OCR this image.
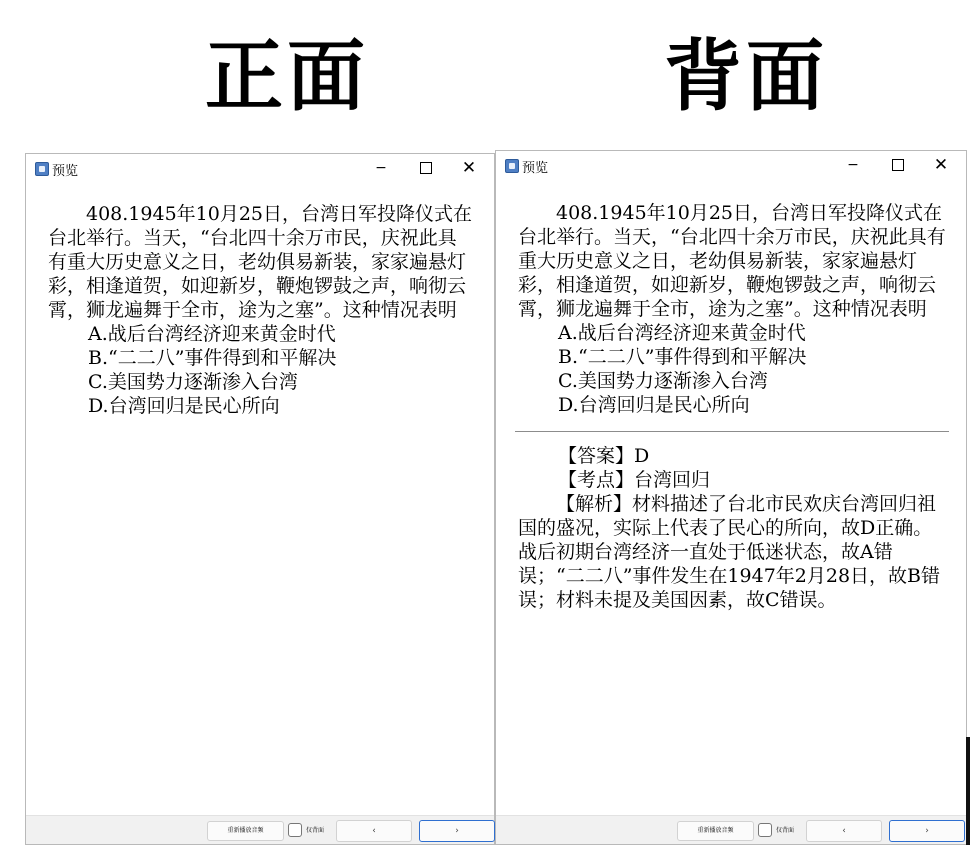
正面	背面
预览	−	✕

408.1945年10月25日，台湾日军投降仪式在台北举行。当天，“台北四十余万市民，庆祝此具有重大历史意义之日，老幼俱易新装，家家遍悬灯彩，相逢道贺，如迎新岁，鞭炮锣鼓之声，响彻云霄，狮龙遍舞于全市，途为之塞”。这种情况表明

A.战后台湾经济迎来黄金时代

B.“二二八”事件得到和平解决

C.美国势力逐渐渗入台湾

D.台湾回归是民心所向

重新播放音频	仅背面	‹	›
预览	−	✕

408.1945年10月25日，台湾日军投降仪式在台北举行。当天，“台北四十余万市民，庆祝此具有重大历史意义之日，老幼俱易新装，家家遍悬灯彩，相逢道贺，如迎新岁，鞭炮锣鼓之声，响彻云霄，狮龙遍舞于全市，途为之塞”。这种情况表明

A.战后台湾经济迎来黄金时代

B.“二二八”事件得到和平解决

C.美国势力逐渐渗入台湾

D.台湾回归是民心所向

【答案】D

【考点】台湾回归

【解析】材料描述了台北市民欢庆台湾回归祖国的盛况，实际上代表了民心的所向，故D正确。战后初期台湾经济一直处于低迷状态，故A错误；“二二八”事件发生在1947年2月28日，故B错误；材料未提及美国因素，故C错误。

重新播放音频	仅背面	‹	›
